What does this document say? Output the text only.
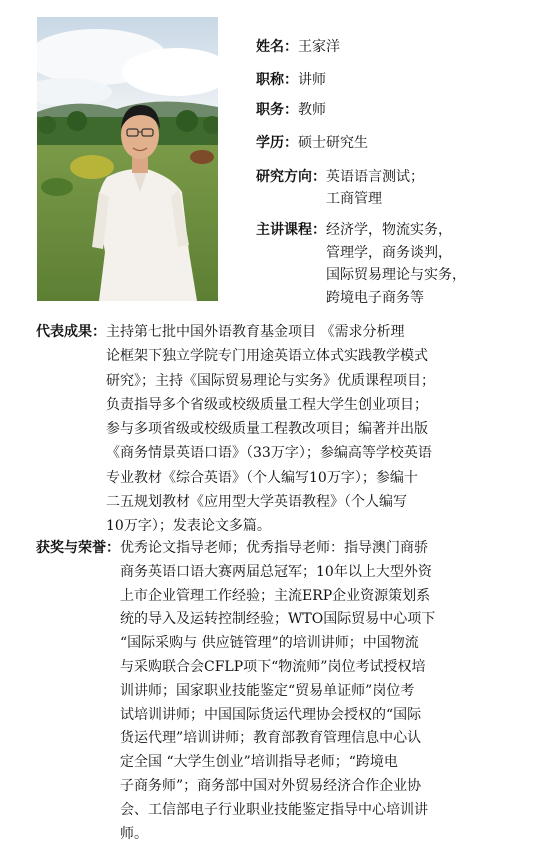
姓名： 王家洋
职称： 讲师
职务： 教师
学历： 硕士研究生
研究方向： 英语语言测试；
工商管理
主讲课程： 经济学，物流实务，
管理学，商务谈判，
国际贸易理论与实务，
跨境电子商务等
代表成果： 主持第七批中国外语教育基金项目 《需求分析理
论框架下独立学院专门用途英语立体式实践教学模式
研究》；主持《国际贸易理论与实务》优质课程项目；
负责指导多个省级或校级质量工程大学生创业项目；
参与多项省级或校级质量工程教改项目；编著并出版
《商务情景英语口语》（33万字）；参编高等学校英语
专业教材《综合英语》（个人编写10万字）；参编十
二五规划教材《应用型大学英语教程》（个人编写
10万字）；发表论文多篇。
获奖与荣誉： 优秀论文指导老师；优秀指导老师：指导澳门商骄
商务英语口语大赛两届总冠军；10年以上大型外资
上市企业管理工作经验；主流ERP企业资源策划系
统的导入及运转控制经验；WTO国际贸易中心项下
“国际采购与 供应链管理”的培训讲师；中国物流
与采购联合会CFLP项下“物流师”岗位考试授权培
训讲师；国家职业技能鉴定“贸易单证师”岗位考
试培训讲师；中国国际货运代理协会授权的“国际
货运代理”培训讲师；教育部教育管理信息中心认
定全国 “大学生创业”培训指导老师；“跨境电
子商务师”；商务部中国对外贸易经济合作企业协
会、工信部电子行业职业技能鉴定指导中心培训讲
师。
